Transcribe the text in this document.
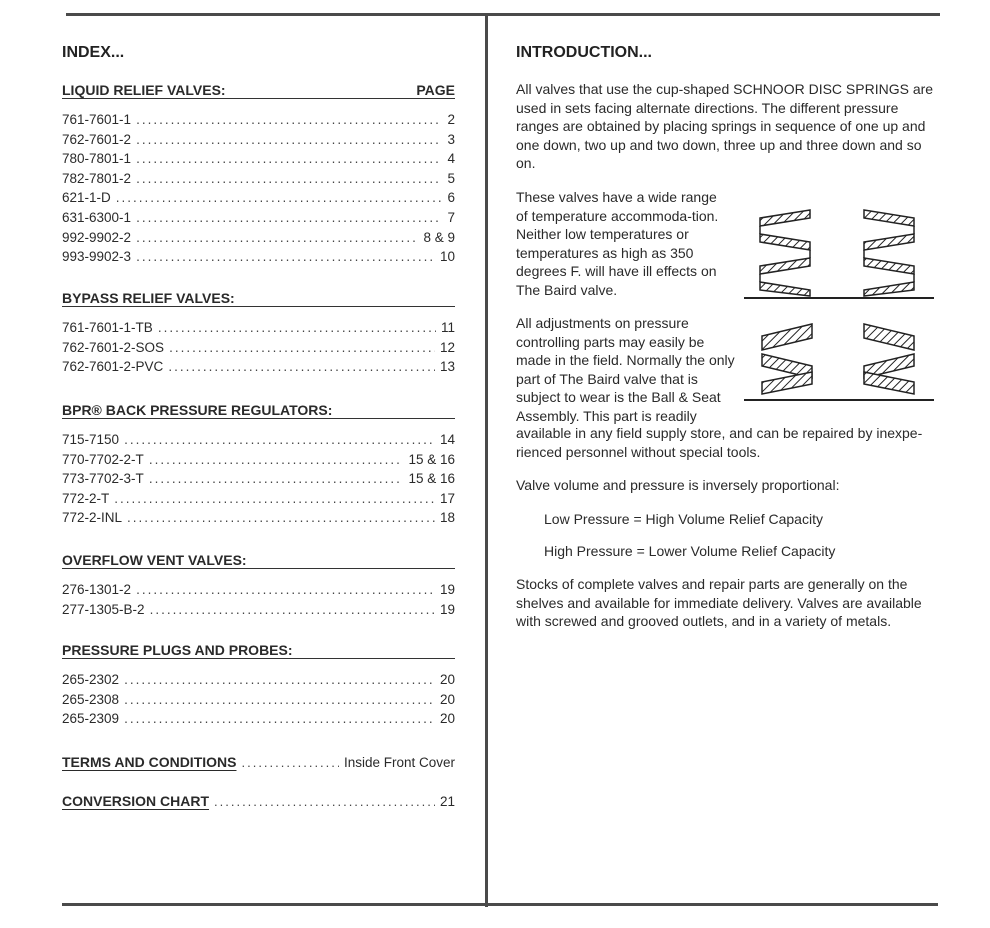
INDEX...
LIQUID RELIEF VALVES:	PAGE
761-7601-1 .....	2
762-7601-2 .....	3
780-7801-1 .....	4
782-7801-2 .....	5
621-1-D .....	6
631-6300-1 .....	7
992-9902-2 .....	8 & 9
993-9902-3 .....	10
BYPASS RELIEF VALVES:
761-7601-1-TB .....	11
762-7601-2-SOS .....	12
762-7601-2-PVC .....	13
BPR® BACK PRESSURE REGULATORS:
715-7150 .....	14
770-7702-2-T .....	15 & 16
773-7702-3-T .....	15 & 16
772-2-T .....	17
772-2-INL .....	18
OVERFLOW VENT VALVES:
276-1301-2 .....	19
277-1305-B-2 .....	19
PRESSURE PLUGS AND PROBES:
265-2302 .....	20
265-2308 .....	20
265-2309 .....	20
TERMS AND CONDITIONS .....	Inside Front Cover
CONVERSION CHART .....	21
INTRODUCTION...

All valves that use the cup-shaped SCHNOOR DISC SPRINGS are used in sets facing alternate directions. The different pressure ranges are obtained by placing springs in sequence of one up and one down, two up and two down, three up and three down and so on.

These valves have a wide range of temperature accommoda-tion. Neither low temperatures or temperatures as high as 350 degrees F. will have ill effects on The Baird valve.

All adjustments on pressure controlling parts may easily be made in the field. Normally the only part of The Baird valve that is subject to wear is the Ball & Seat Assembly. This part is readily

available in any field supply store, and can be repaired by inexpe-rienced personnel without special tools.

Valve volume and pressure is inversely proportional:

Low Pressure = High Volume Relief Capacity

High Pressure = Lower Volume Relief Capacity

Stocks of complete valves and repair parts are generally on the shelves and available for immediate delivery. Valves are available with screwed and grooved outlets, and in a variety of metals.
